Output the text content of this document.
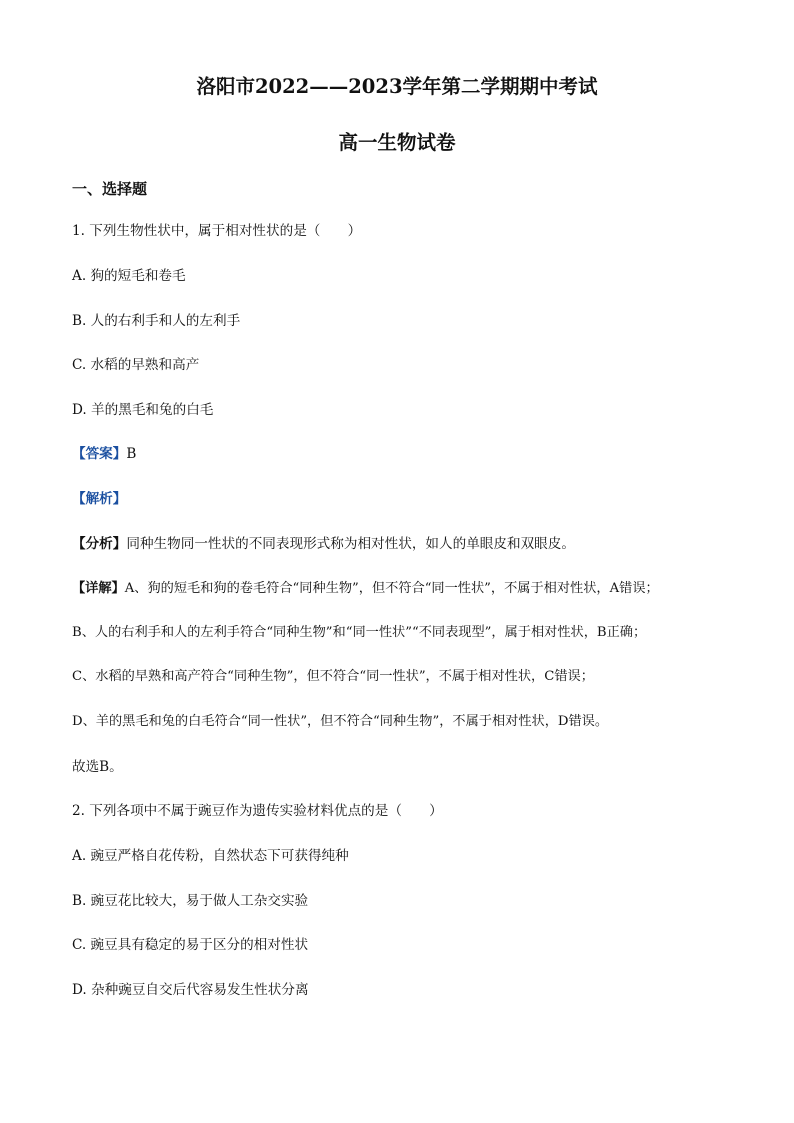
洛阳市2022——2023学年第二学期期中考试
高一生物试卷
一、选择题

1. 下列生物性状中，属于相对性状的是（　　）

A. 狗的短毛和卷毛

B. 人的右利手和人的左利手

C. 水稻的早熟和高产

D. 羊的黑毛和兔的白毛

【答案】B

【解析】

【分析】同种生物同一性状的不同表现形式称为相对性状，如人的单眼皮和双眼皮。

【详解】A、狗的短毛和狗的卷毛符合“同种生物”，但不符合“同一性状”，不属于相对性状，A错误；

B、人的右利手和人的左利手符合“同种生物”和“同一性状”“不同表现型”，属于相对性状，B正确；

C、水稻的早熟和高产符合“同种生物”，但不符合“同一性状”，不属于相对性状，C错误；

D、羊的黑毛和兔的白毛符合“同一性状”，但不符合“同种生物”，不属于相对性状，D错误。

故选B。

2. 下列各项中不属于豌豆作为遗传实验材料优点的是（　　）

A. 豌豆严格自花传粉，自然状态下可获得纯种

B. 豌豆花比较大，易于做人工杂交实验

C. 豌豆具有稳定的易于区分的相对性状

D. 杂种豌豆自交后代容易发生性状分离
